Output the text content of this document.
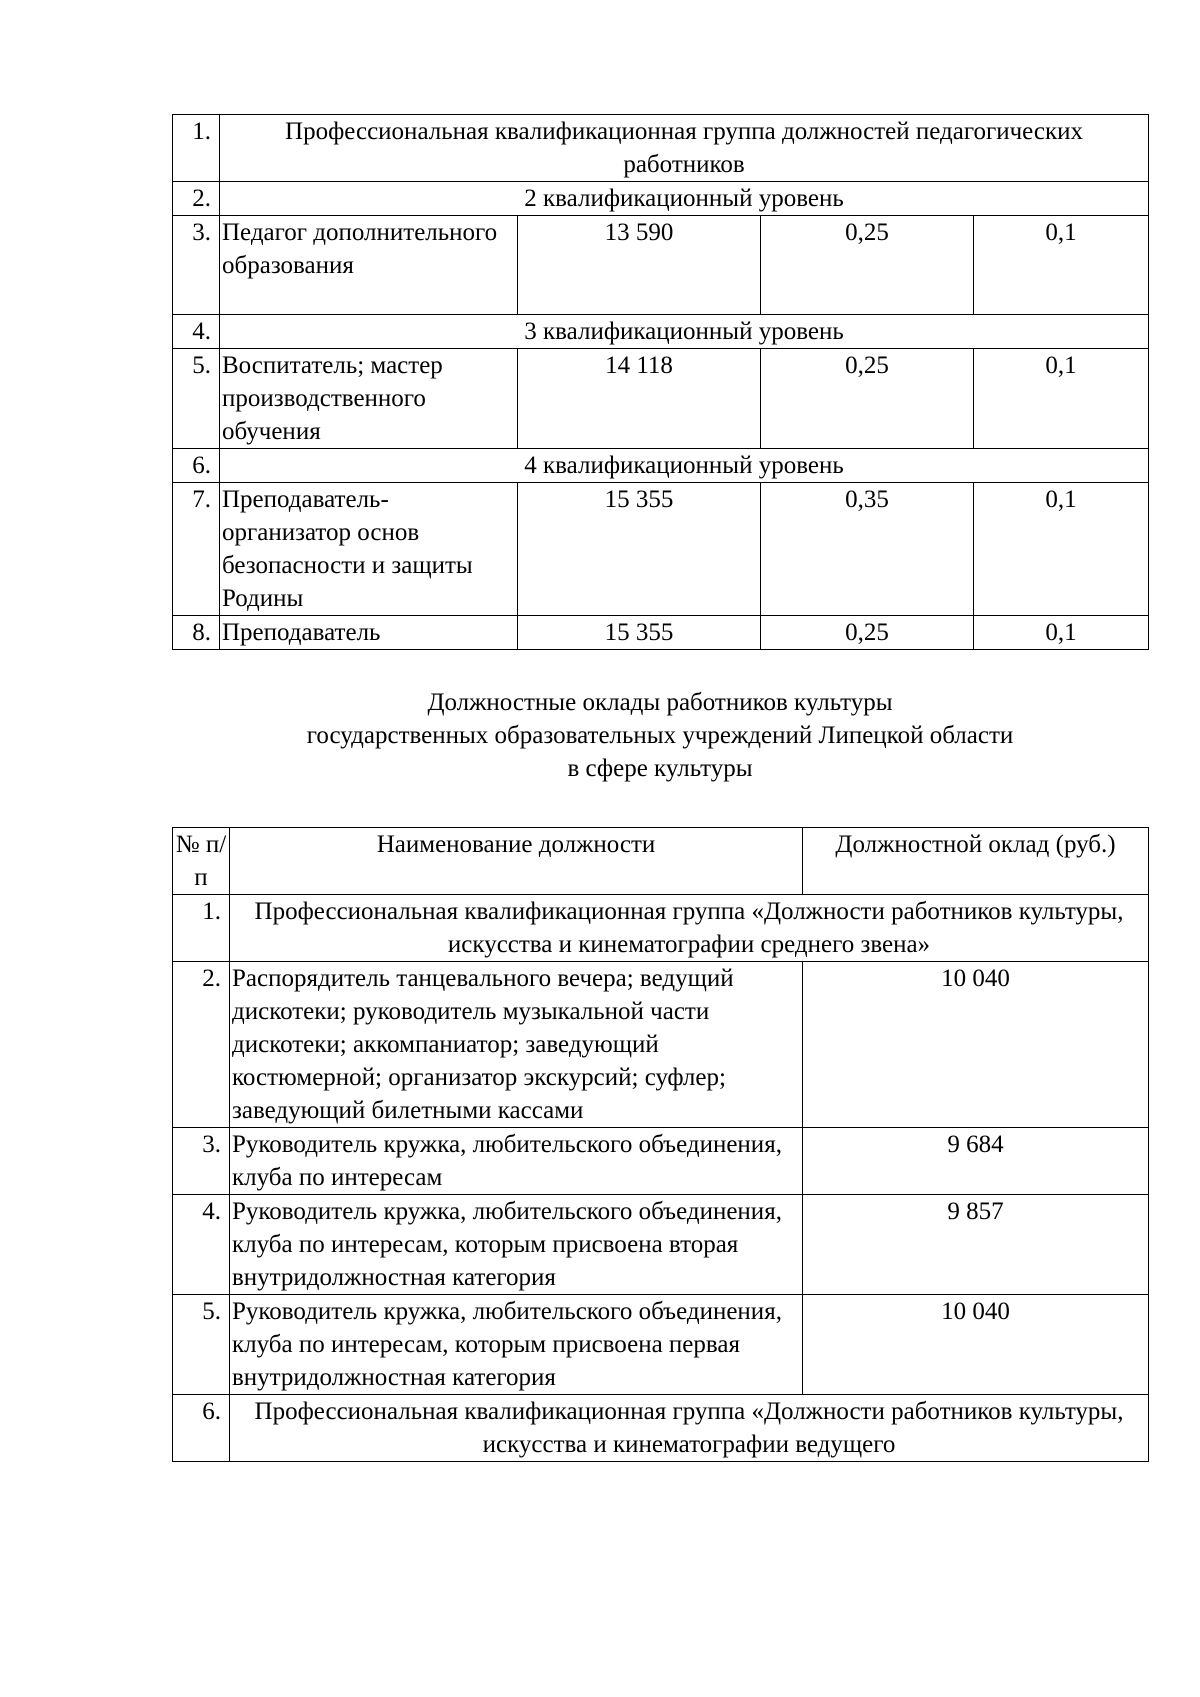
1.	Профессиональная квалификационная группа должностей педагогических работников			
2.	2 квалификационный уровень			
3.	Педагог дополнительного образования	13 590	0,25	0,1
4.	3 квалификационный уровень			
5.	Воспитатель; мастер производственного обучения	14 118	0,25	0,1
6.	4 квалификационный уровень			
7.	Преподаватель-организатор основ безопасности и защиты Родины	15 355	0,35	0,1
8.	Преподаватель	15 355	0,25	0,1
Должностные оклады работников культуры
государственных образовательных учреждений Липецкой области
в сфере культуры
№ п/п	Наименование должности	Должностной оклад (руб.)
1.	Профессиональная квалификационная группа «Должности работников культуры, искусства и кинематографии среднего звена»	
2.	Распорядитель танцевального вечера; ведущий дискотеки; руководитель музыкальной части дискотеки; аккомпаниатор; заведующий костюмерной; организатор экскурсий; суфлер; заведующий билетными кассами	10 040
3.	Руководитель кружка, любительского объединения, клуба по интересам	9 684
4.	Руководитель кружка, любительского объединения, клуба по интересам, которым присвоена вторая внутридолжностная категория	9 857
5.	Руководитель кружка, любительского объединения, клуба по интересам, которым присвоена первая внутридолжностная категория	10 040
6.	Профессиональная квалификационная группа «Должности работников культуры, искусства и кинематографии ведущего	
